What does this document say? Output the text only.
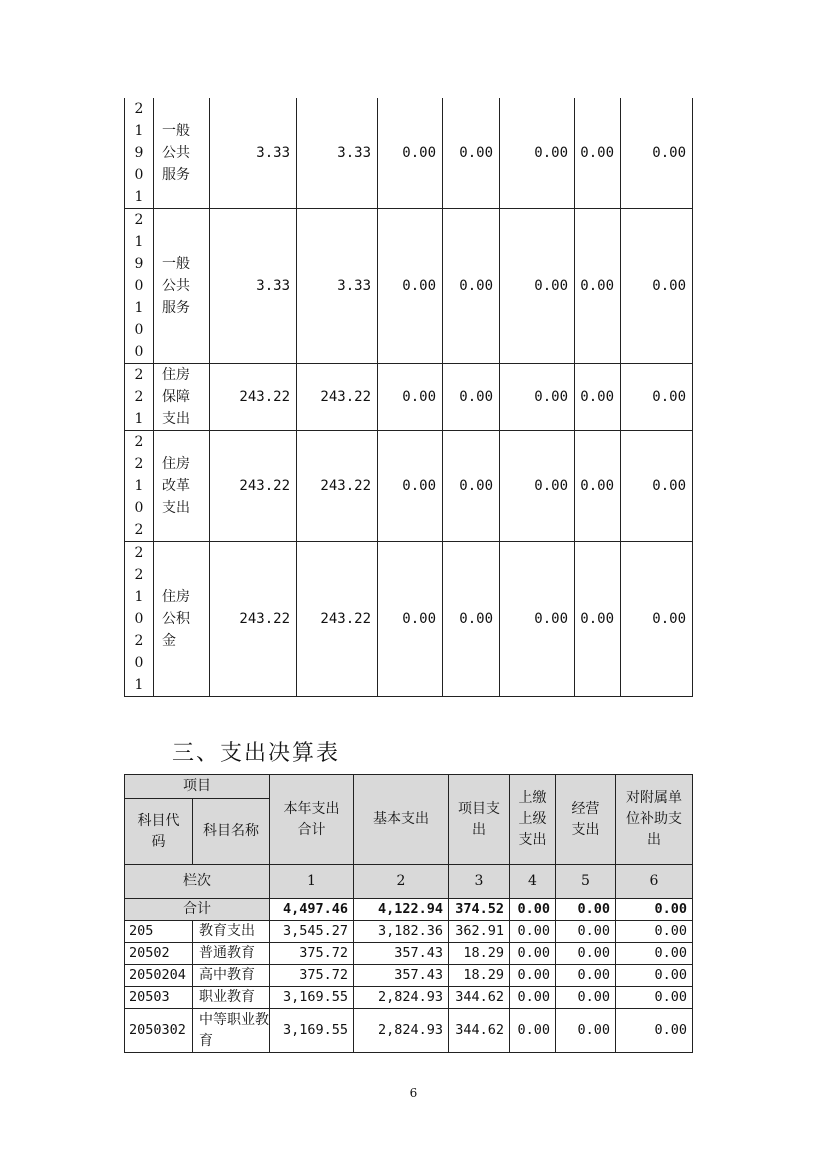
21901	一般公共服务	3.33	3.33	0.00	0.00	0.00	0.00	0.00

2190100	一般公共服务	3.33	3.33	0.00	0.00	0.00	0.00	0.00

221	住房保障支出	243.22	243.22	0.00	0.00	0.00	0.00	0.00

22102	住房改革支出	243.22	243.22	0.00	0.00	0.00	0.00	0.00

2210201	住房公积金	243.22	243.22	0.00	0.00	0.00	0.00	0.00
三、支出决算表
项目		本年支出合计	基本支出	项目支出	上缴上级支出	经营支出	对附属单位补助支出
科目代码	科目名称						
栏次		1	2	3	4	5	6
合计		4,497.46	4,122.94	374.52	0.00	0.00	0.00
205	教育支出	3,545.27	3,182.36	362.91	0.00	0.00	0.00
20502	普通教育	375.72	357.43	18.29	0.00	0.00	0.00
2050204	高中教育	375.72	357.43	18.29	0.00	0.00	0.00
20503	职业教育	3,169.55	2,824.93	344.62	0.00	0.00	0.00
2050302	中等职业教育	3,169.55	2,824.93	344.62	0.00	0.00	0.00
6
